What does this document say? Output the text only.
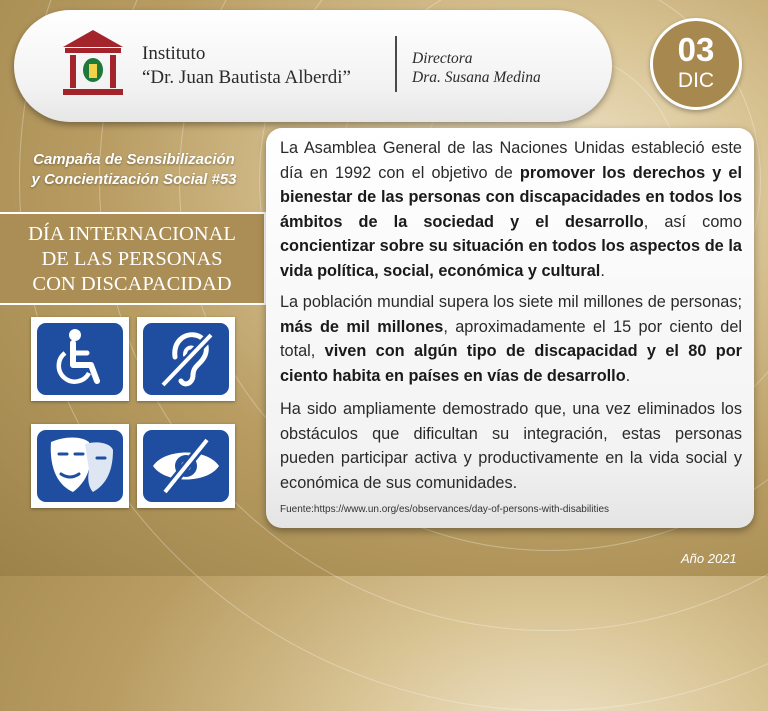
Instituto
“Dr. Juan Bautista Alberdi”
Directora
Dra. Susana Medina
03
DIC
Campaña de Sensibilización
y Concientización Social #53
DÍA INTERNACIONAL
DE LAS PERSONAS
CON DISCAPACIDAD

La Asamblea General de las Naciones Unidas estableció este día en 1992 con el objetivo de promover los derechos y el bienestar de las personas con discapacidades en todos los ámbitos de la sociedad y el desarrollo, así como concientizar sobre su situación en todos los aspectos de la vida política, social, económica y cultural.

La población mundial supera los siete mil millones de personas; más de mil millones, aproximadamente el 15 por ciento del total, viven con algún tipo de discapacidad y el 80 por ciento habita en países en vías de desarrollo.

Ha sido ampliamente demostrado que, una vez eliminados los obstáculos que dificultan su integración, estas personas pueden participar activa y productivamente en la vida social y económica de sus comunidades.

Fuente:https://www.un.org/es/observances/day-of-persons-with-disabilities
Año 2021
